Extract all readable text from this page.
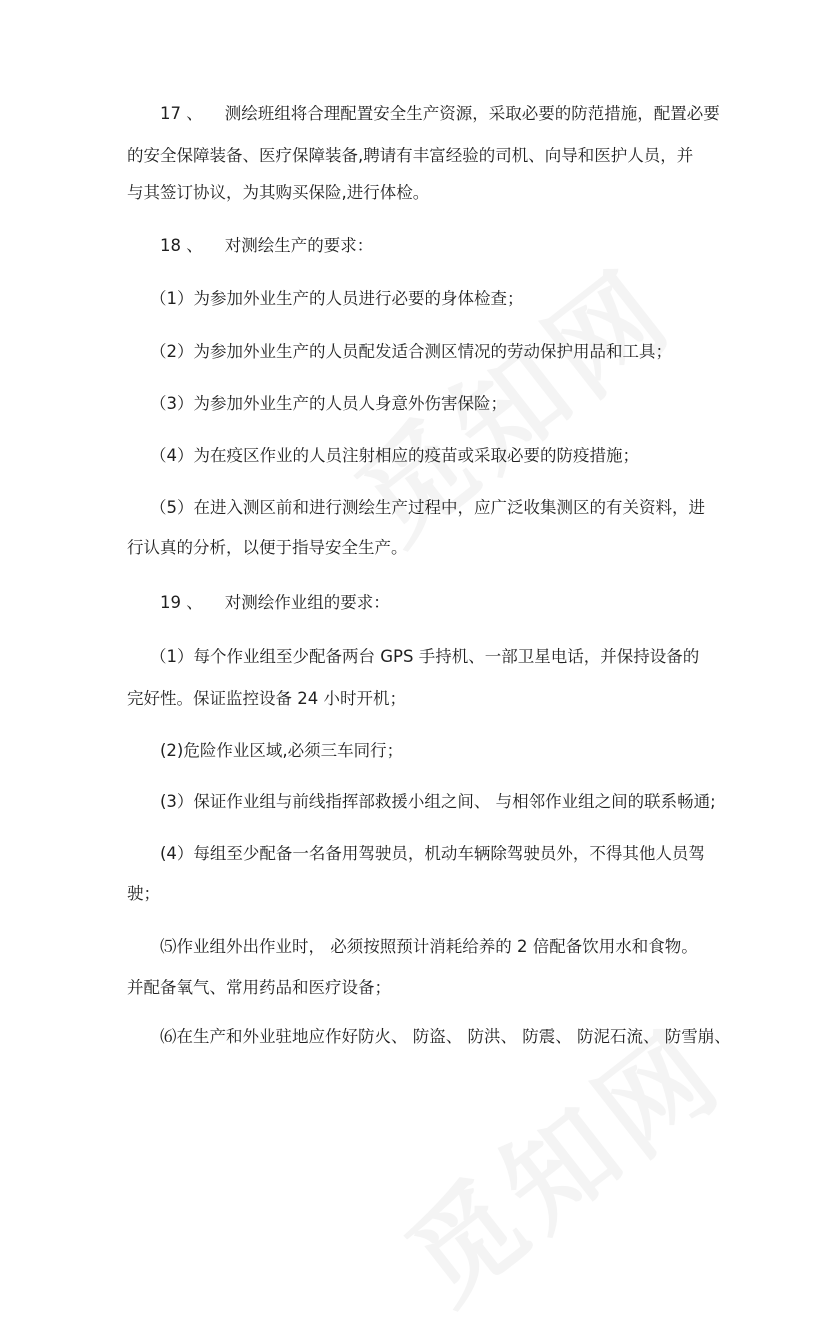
17 、 测绘班组将合理配置安全生产资源，采取必要的防范措施，配置必要
的安全保障装备、医疗保障装备,聘请有丰富经验的司机、向导和医护人员，并
与其签订协议，为其购买保险,进行体检。
18 、 对测绘生产的要求：
（1）为参加外业生产的人员进行必要的身体检查；
（2）为参加外业生产的人员配发适合测区情况的劳动保护用品和工具；
（3）为参加外业生产的人员人身意外伤害保险；
（4）为在疫区作业的人员注射相应的疫苗或采取必要的防疫措施；
（5）在进入测区前和进行测绘生产过程中，应广泛收集测区的有关资料，进
行认真的分析，以便于指导安全生产。
19 、 对测绘作业组的要求：
（1）每个作业组至少配备两台 GPS 手持机、一部卫星电话，并保持设备的
完好性。保证监控设备 24 小时开机；
(2)危险作业区域,必须三车同行；
(3）保证作业组与前线指挥部救援小组之间、 与相邻作业组之间的联系畅通;
(4）每组至少配备一名备用驾驶员，机动车辆除驾驶员外，不得其他人员驾
驶；
⑸作业组外出作业时， 必须按照预计消耗给养的 2 倍配备饮用水和食物。
并配备氧气、常用药品和医疗设备；
⑹在生产和外业驻地应作好防火、 防盗、 防洪、 防震、 防泥石流、 防雪崩、
